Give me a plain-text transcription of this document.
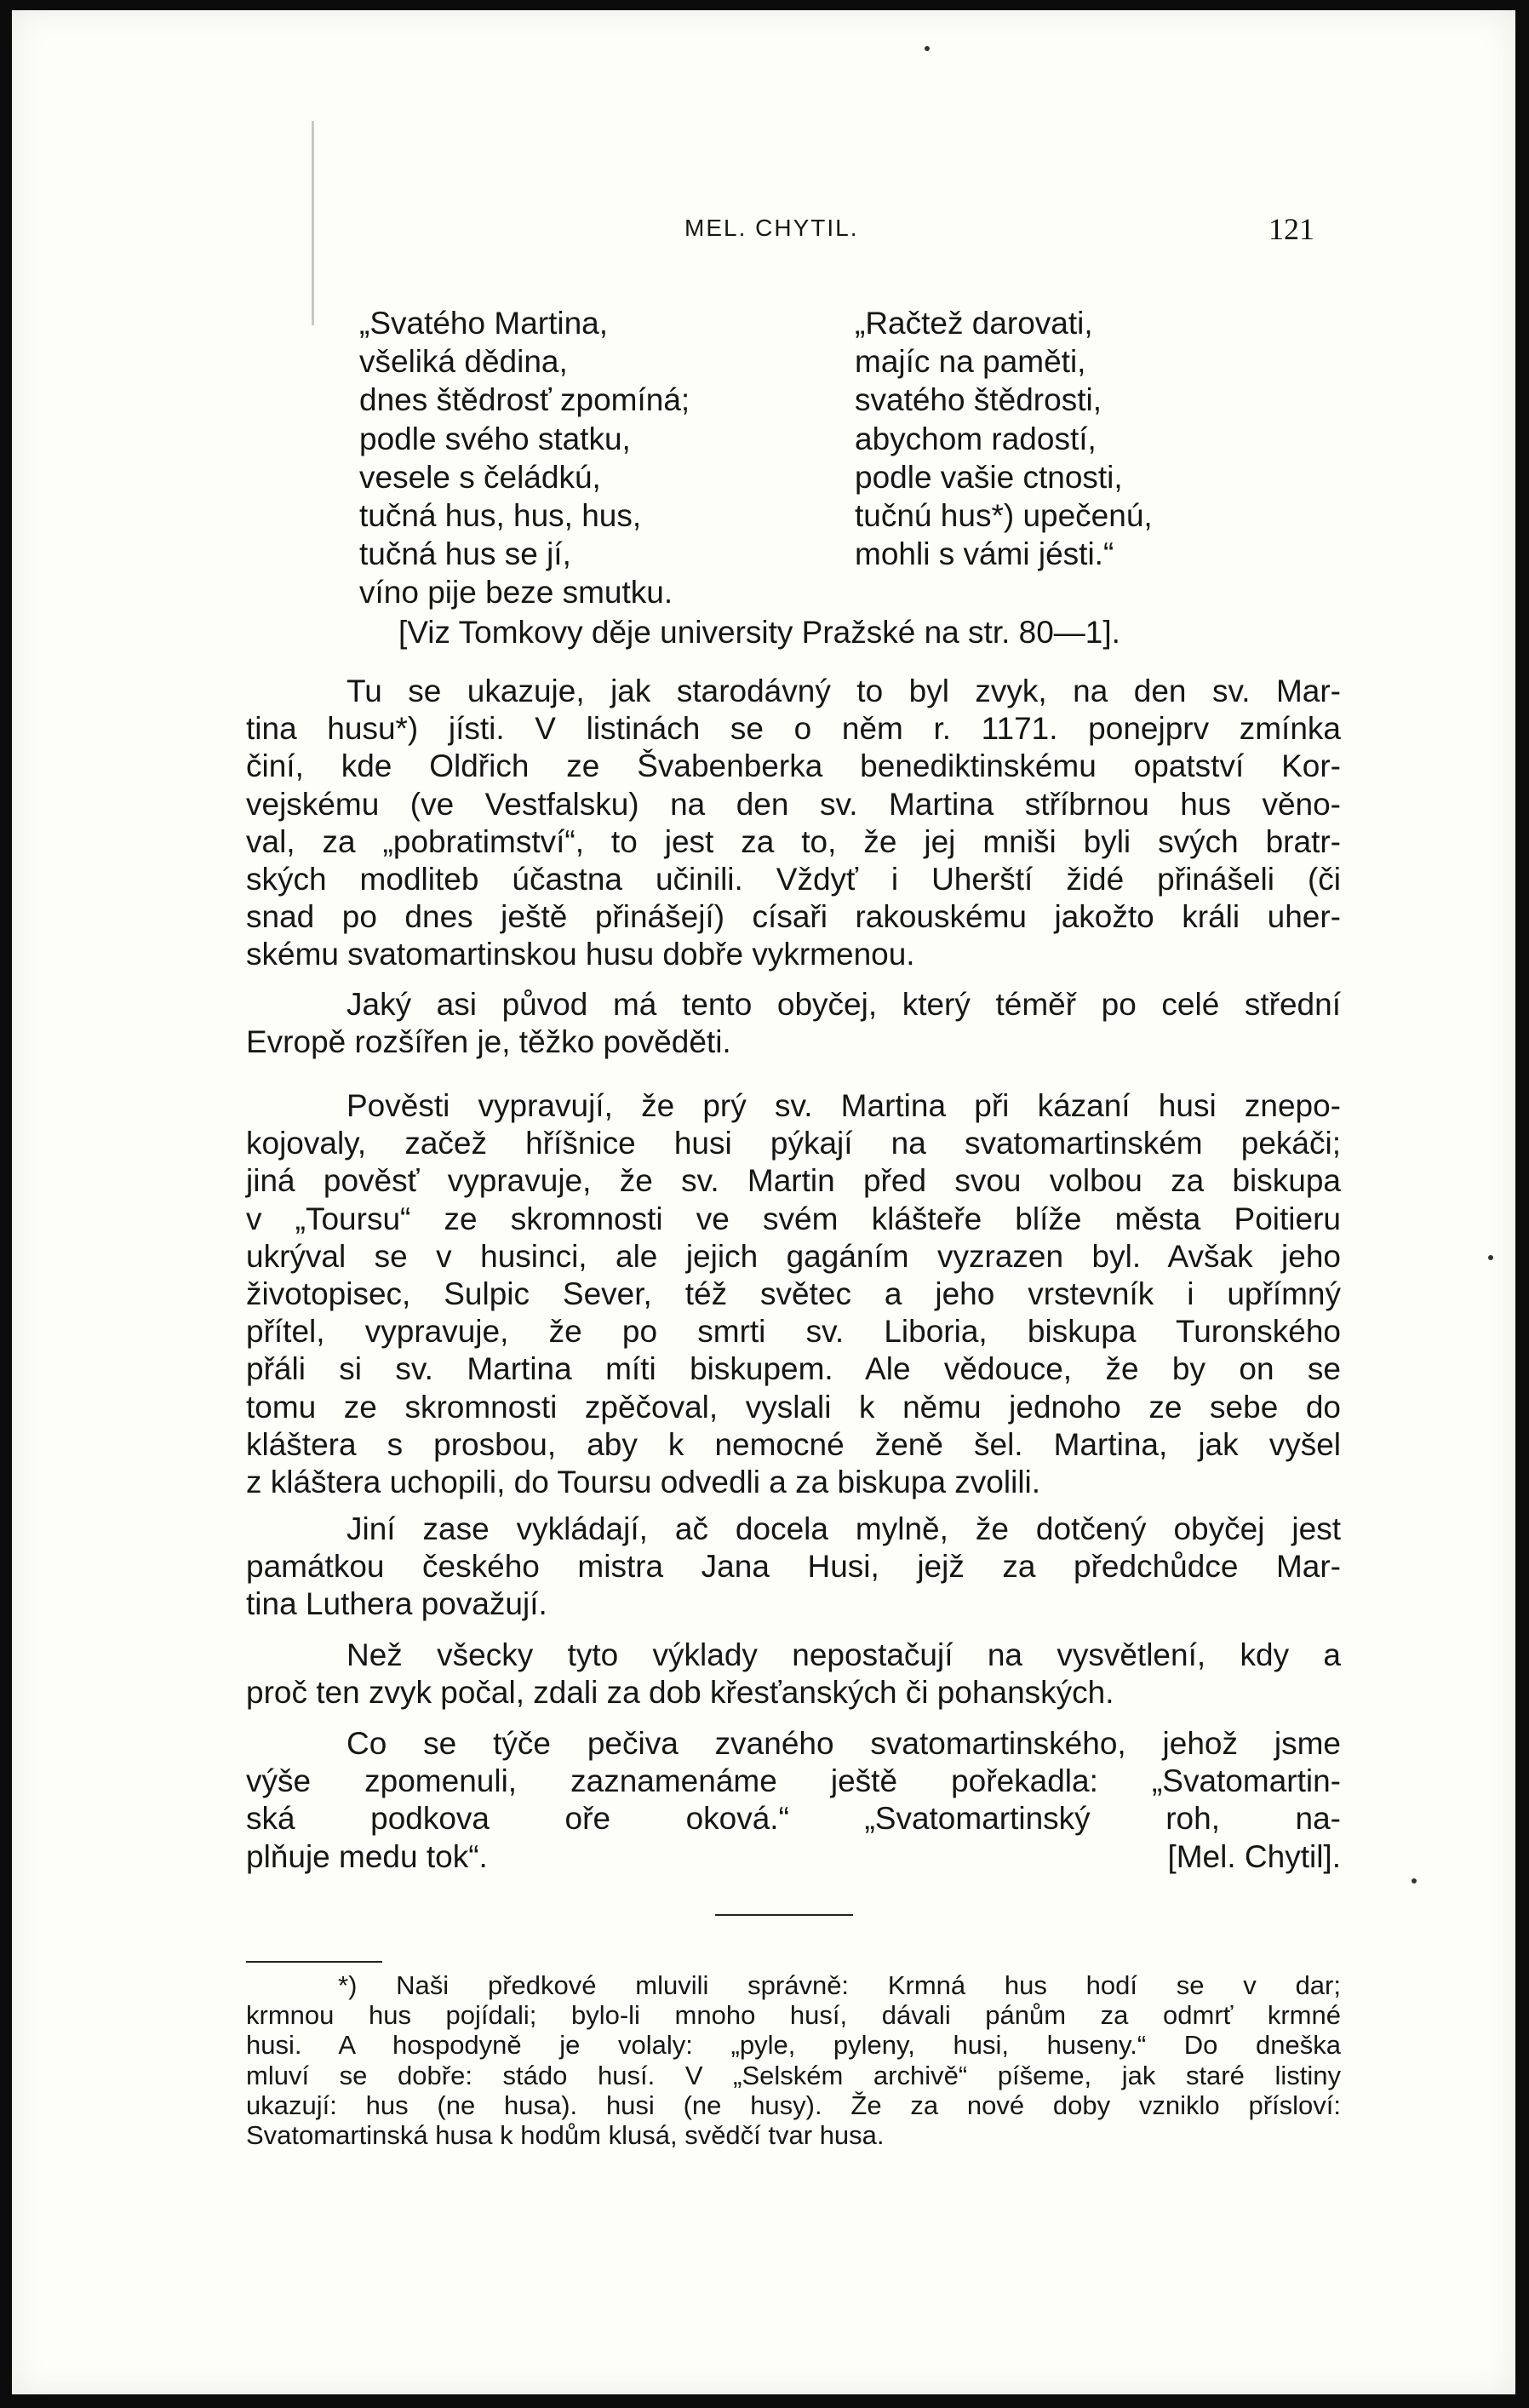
MEL. CHYTIL.	121
„Svatého Martina,
všeliká dědina,
dnes štědrosť zpomíná;
podle svého statku,
vesele s čeládkú,
tučná hus, hus, hus,
tučná hus se jí,
víno pije beze smutku.
„Račtež darovati,
majíc na paměti,
svatého štědrosti,
abychom radostí,
podle vašie ctnosti,
tučnú hus*) upečenú,
mohli s vámi jésti.“
[Viz Tomkovy děje university Pražské na str. 80—1].
Tu se ukazuje, jak starodávný to byl zvyk, na den sv. Mar-
tina husu*) jísti. V listinách se o něm r. 1171. ponejprv zmínka
činí, kde Oldřich ze Švabenberka benediktinskému opatství Kor-
vejskému (ve Vestfalsku) na den sv. Martina stříbrnou hus věno-
val, za „pobratimství“, to jest za to, že jej mniši byli svých bratr-
ských modliteb účastna učinili. Vždyť i Uherští židé přinášeli (či
snad po dnes ještě přinášejí) císaři rakouskému jakožto králi uher-
skému svatomartinskou husu dobře vykrmenou.
Jaký asi původ má tento obyčej, který téměř po celé střední
Evropě rozšířen je, těžko pověděti.
Pověsti vypravují, že prý sv. Martina při kázaní husi znepo-
kojovaly, začež hříšnice husi pýkají na svatomartinském pekáči;
jiná pověsť vypravuje, že sv. Martin před svou volbou za biskupa
v „Toursu“ ze skromnosti ve svém klášteře blíže města Poitieru
ukrýval se v husinci, ale jejich gagáním vyzrazen byl. Avšak jeho
životopisec, Sulpic Sever, též světec a jeho vrstevník i upřímný
přítel, vypravuje, že po smrti sv. Liboria, biskupa Turonského
přáli si sv. Martina míti biskupem. Ale vědouce, že by on se
tomu ze skromnosti zpěčoval, vyslali k němu jednoho ze sebe do
kláštera s prosbou, aby k nemocné ženě šel. Martina, jak vyšel
z kláštera uchopili, do Toursu odvedli a za biskupa zvolili.
Jiní zase vykládají, ač docela mylně, že dotčený obyčej jest
památkou českého mistra Jana Husi, jejž za předchůdce Mar-
tina Luthera považují.
Než všecky tyto výklady nepostačují na vysvětlení, kdy a
proč ten zvyk počal, zdali za dob křesťanských či pohanských.
Co se týče pečiva zvaného svatomartinského, jehož jsme
výše zpomenuli, zaznamenáme ještě pořekadla: „Svatomartin-
ská podkova oře oková.“ „Svatomartinský roh, na-
plňuje medu tok“.	[Mel. Chytil].
*) Naši předkové mluvili správně: Krmná hus hodí se v dar;
krmnou hus pojídali; bylo-li mnoho husí, dávali pánům za odmrť krmné
husi. A hospodyně je volaly: „pyle, pyleny, husi, huseny.“ Do dneška
mluví se dobře: stádo husí. V „Selském archivě“ píšeme, jak staré listiny
ukazují: hus (ne husa). husi (ne husy). Že za nové doby vzniklo přísloví:
Svatomartinská husa k hodům klusá, svědčí tvar husa.
